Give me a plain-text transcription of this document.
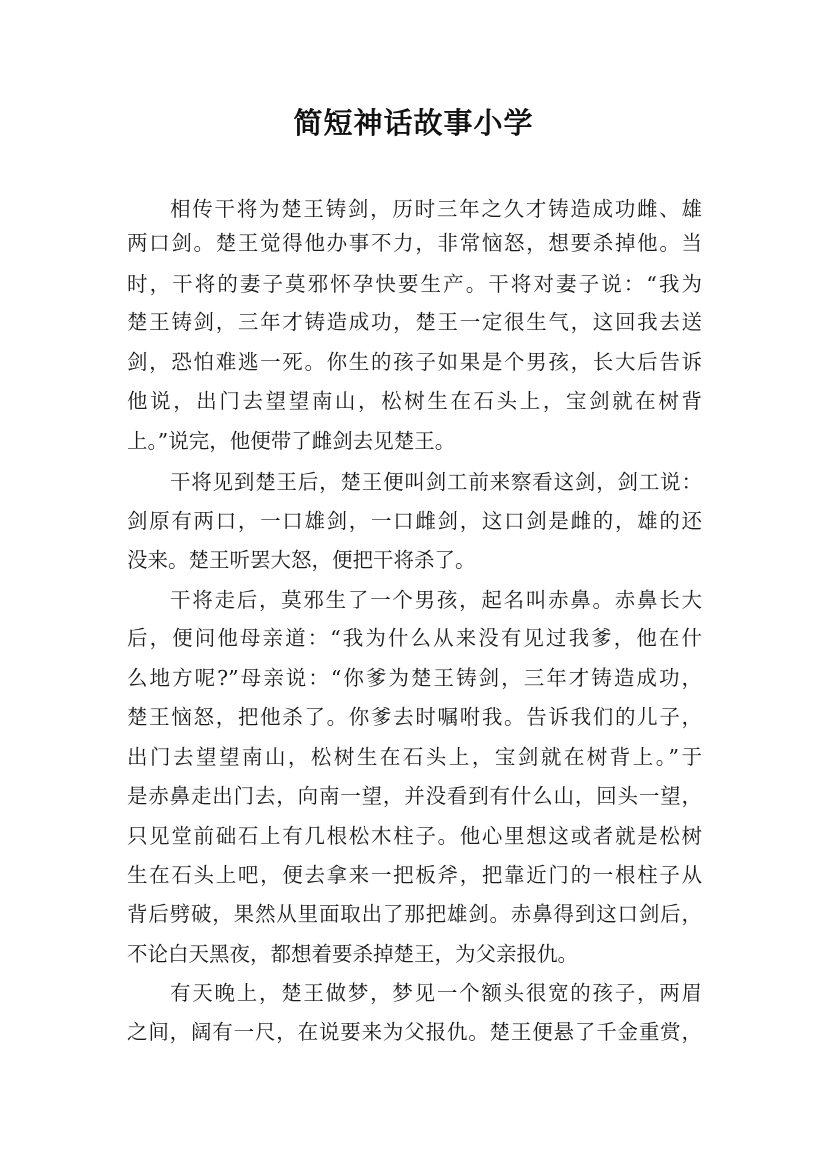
简短神话故事小学
相传干将为楚王铸剑，历时三年之久才铸造成功雌、雄
两口剑。楚王觉得他办事不力，非常恼怒，想要杀掉他。当
时，干将的妻子莫邪怀孕快要生产。干将对妻子说：“我为
楚王铸剑，三年才铸造成功，楚王一定很生气，这回我去送
剑，恐怕难逃一死。你生的孩子如果是个男孩，长大后告诉
他说，出门去望望南山，松树生在石头上，宝剑就在树背
上。”说完，他便带了雌剑去见楚王。
干将见到楚王后，楚王便叫剑工前来察看这剑，剑工说：
剑原有两口，一口雄剑，一口雌剑，这口剑是雌的，雄的还
没来。楚王听罢大怒，便把干将杀了。
干将走后，莫邪生了一个男孩，起名叫赤鼻。赤鼻长大
后，便问他母亲道：“我为什么从来没有见过我爹，他在什
么地方呢?”母亲说：“你爹为楚王铸剑，三年才铸造成功，
楚王恼怒，把他杀了。你爹去时嘱咐我。告诉我们的儿子，
出门去望望南山，松树生在石头上，宝剑就在树背上。”于
是赤鼻走出门去，向南一望，并没看到有什么山，回头一望，
只见堂前础石上有几根松木柱子。他心里想这或者就是松树
生在石头上吧，便去拿来一把板斧，把靠近门的一根柱子从
背后劈破，果然从里面取出了那把雄剑。赤鼻得到这口剑后，
不论白天黑夜，都想着要杀掉楚王，为父亲报仇。
有天晚上，楚王做梦，梦见一个额头很宽的孩子，两眉
之间，阔有一尺，在说要来为父报仇。楚王便悬了千金重赏，
